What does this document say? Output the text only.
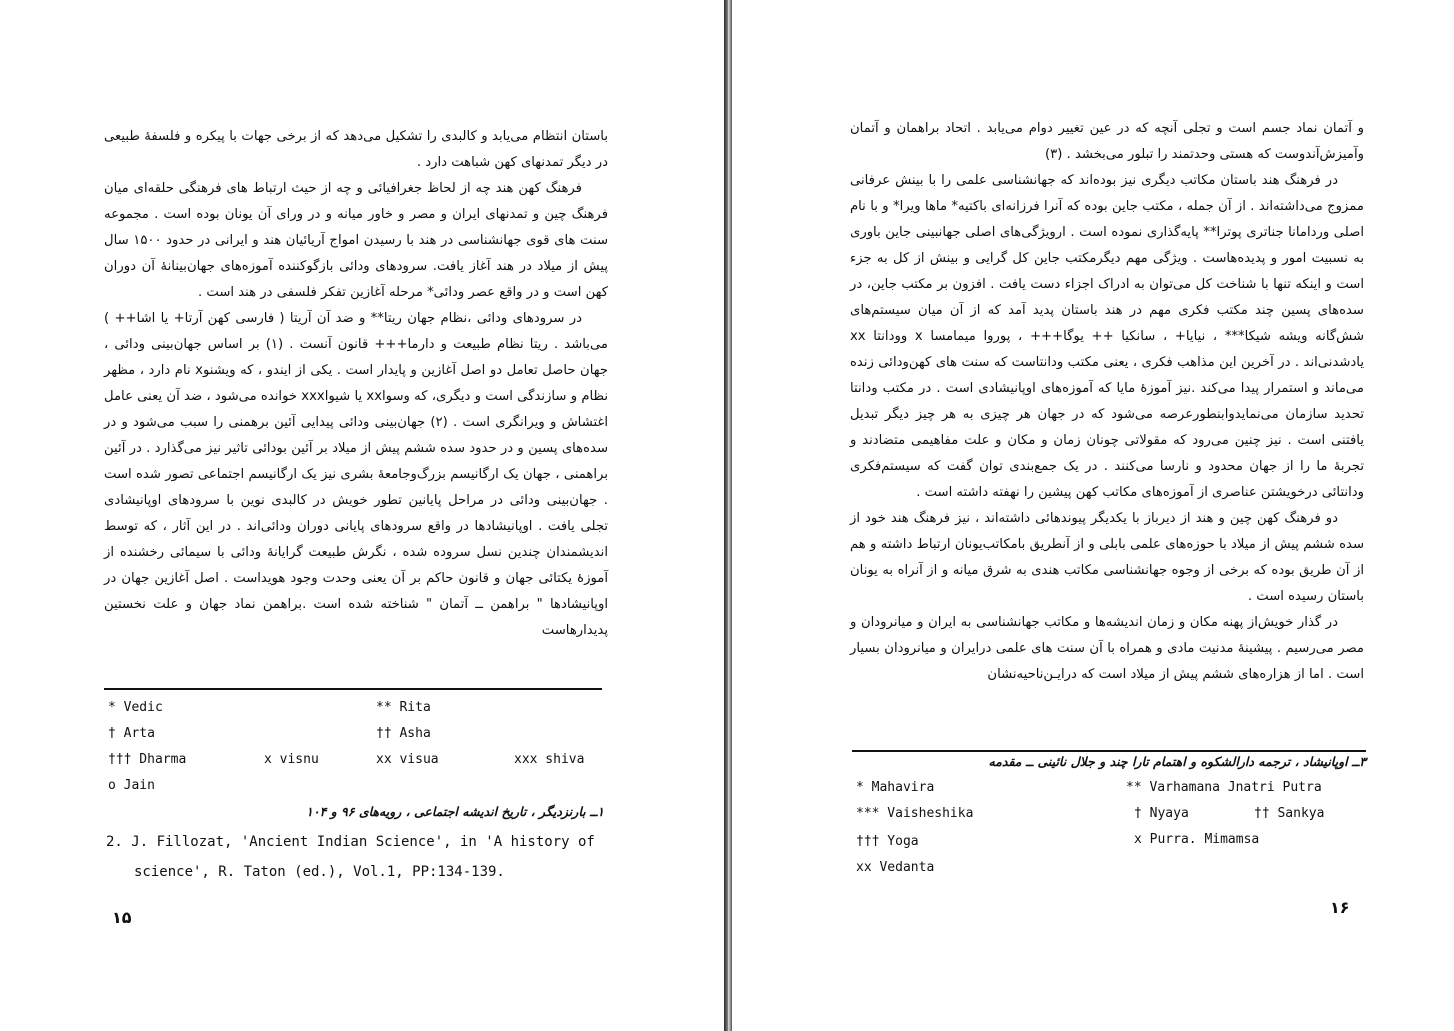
باستان انتظام می‌یابد و کالبدی را تشکیل می‌دهد که از برخی جهات با پیکره و فلسفه‌ٔ طبیعی در دیگر تمدنهای کهن شباهت دارد .

فرهنگ کهن هند چه از لحاظ جغرافیائی و چه از حیث ارتباط های فرهنگی حلقه‌ای میان فرهنگ چین و تمدنهای ایران و مصر و خاور میانه و در ورای آن یونان بوده است . مجموعه سنت های قوی جهانشناسی در هند با رسیدن امواج آریائیان هند و ایرانی در حدود ۱۵۰۰ سال پیش از میلاد در هند آغاز یافت. سرودهای ودائی بازگوکننده آموزه‌های جهان‌بینانه‌ٔ آن دوران کهن است و در واقع عصر ودائی* مرحله آغازین تفکر فلسفی در هند است .

در سرودهای ودائی ،نظام جهان ریتا** و ضد آن آریتا ( فارسی کهن آرتا+ یا اشا++ ) می‌باشد . ریتا نظام طبیعت و دارما+++ قانون آنست . (۱) بر اساس جهان‌بینی ودائی ، جهان حاصل تعامل دو اصل آغازین و پایدار است . یکی از ایندو ، که ویشنوx نام دارد ، مظهر نظام و سازندگی است و دیگری، که وسواxx یا شیواxxx خوانده می‌شود ، ضد آن یعنی عامل اغتشاش و ویرانگری است . (۲) جهان‌بینی ودائی پیدایی آئین برهمنی را سبب می‌شود و در سده‌های پسین و در حدود سده ششم پیش از میلاد بر آئین بودائی تاثیر نیز می‌گذارد . در آئین براهمنی ، جهان یک ارگانیسم بزرگ‌وجامعه‌ٔ بشری نیز یک ارگانیسم اجتماعی تصور شده است . جهان‌بینی ودائی در مراحل پایانین تطور خویش در کالبدی نوین با سرودهای اوپانیشادی تجلی یافت . اوپانیشادها در واقع سرودهای پایانی دوران ودائی‌اند . در این آثار ، که توسط اندیشمندان چندین نسل سروده شده ، نگرش طبیعت گرایانه‌ٔ ودائی با سیمائی رخشنده از آموزهٔ یکتائی جهان و قانون حاکم بر آن یعنی وحدت وجود هویداست . اصل آغازین جهان در اوپانیشادها " براهمن ــ آتمان " شناخته شده است .براهمن نماد جهان و علت نخستین پدیدارهاست

* Vedic	** Rita
† Arta	†† Asha
††† Dharma	x visnu	xx visua	xxx shiva
o Jain
۱ــ بارنزدیگر ، تاریخ اندیشه اجتماعی ، رویه‌های ۹۶ و ۱۰۴
2. J. Fillozat, 'Ancient Indian Science', in 'A history of
science', R. Taton (ed.), Vol.1, PP:134-139.
۱۵

و آتمان نماد جسم است و تجلی آنچه که در عین تغییر دوام می‌یابد . اتحاد براهمان و آتمان وآمیزش‌آندوست که هستی وحدتمند را تبلور می‌بخشد . (۳)

در فرهنگ هند باستان مکاتب دیگری نیز بوده‌اند که جهانشناسی علمی را با بینش عرفانی ممزوج می‌داشته‌اند . از آن جمله ، مکتب جاین بوده که آنرا فرزانه‌ای باکتیه* ماها ویرا* و با نام اصلی وردامانا جناتری پوترا** پایه‌گذاری نموده است . ارویژگی‌های اصلی جهانبینی جاین باوری به نسبیت امور و پدیده‌هاست . ویژگی مهم دیگرمکتب جاین کل گرایی و بینش از کل به جزء است و اینکه تنها با شناخت کل می‌توان به ادراک اجزاء دست یافت . افزون بر مکتب جاین، در سده‌های پسین چند مکتب فکری مهم در هند باستان پدید آمد که از آن میان سیستم‌های شش‌گانه ویشه شیکا*** ، نیایا+ ، سانکیا ++ یوگا+++ ، پوروا میمامسا x وودانتا xx یادشدنی‌اند . در آخرین این مذاهب فکری ، یعنی مکتب ودانتاست که سنت های کهن‌ودائی زنده می‌ماند و استمرار پیدا می‌کند .نیز آموزه‌ٔ مایا که آموزه‌های اوپانیشادی است . در مکتب ودانتا تحدید سازمان می‌نمایدوابنطورعرصه می‌شود که در جهان هر چیزی به هر چیز دیگر تبدیل یافتنی است . نیز چنین می‌رود که مقولاتی چونان زمان و مکان و علت مفاهیمی متضادند و تجربه‌ٔ ما را از جهان محدود و نارسا می‌کنند . در یک جمع‌بندی توان گفت که سیستم‌فکری ودانتائی درخویشتن عناصری از آموزه‌های مکاتب کهن پیشین را نهفته داشته است .

دو فرهنگ کهن چین و هند از دیرباز با یکدیگر پیوندهائی داشته‌اند ، نیز فرهنگ هند خود از سده ششم پیش از میلاد با حوزه‌های علمی بابلی و از آنطریق بامکاتب‌یونان ارتباط داشته و هم از آن طریق بوده که برخی از وجوه جهانشناسی مکاتب هندی به شرق میانه و از آنراه به یونان باستان رسیده است .

در گذار خویش‌از پهنه مکان و زمان اندیشه‌ها و مکاتب جهانشناسی به ایران و میانرودان و مصر می‌رسیم . پیشینه‌ٔ مدنیت مادی و همراه با آن سنت های علمی درایران و میانرودان بسیار است . اما از هزاره‌های ششم پیش از میلاد است که درایـن‌ناحیه‌نشان

۳ــ اوپانیشاد ، ترجمه دارالشکوه و اهتمام تارا چند و جلال نائینی ــ مقدمه
* Mahavira	** Varhamana Jnatri Putra
*** Vaisheshika	† Nyaya	†† Sankya
††† Yoga	x Purra. Mimamsa
xx Vedanta
۱۶
